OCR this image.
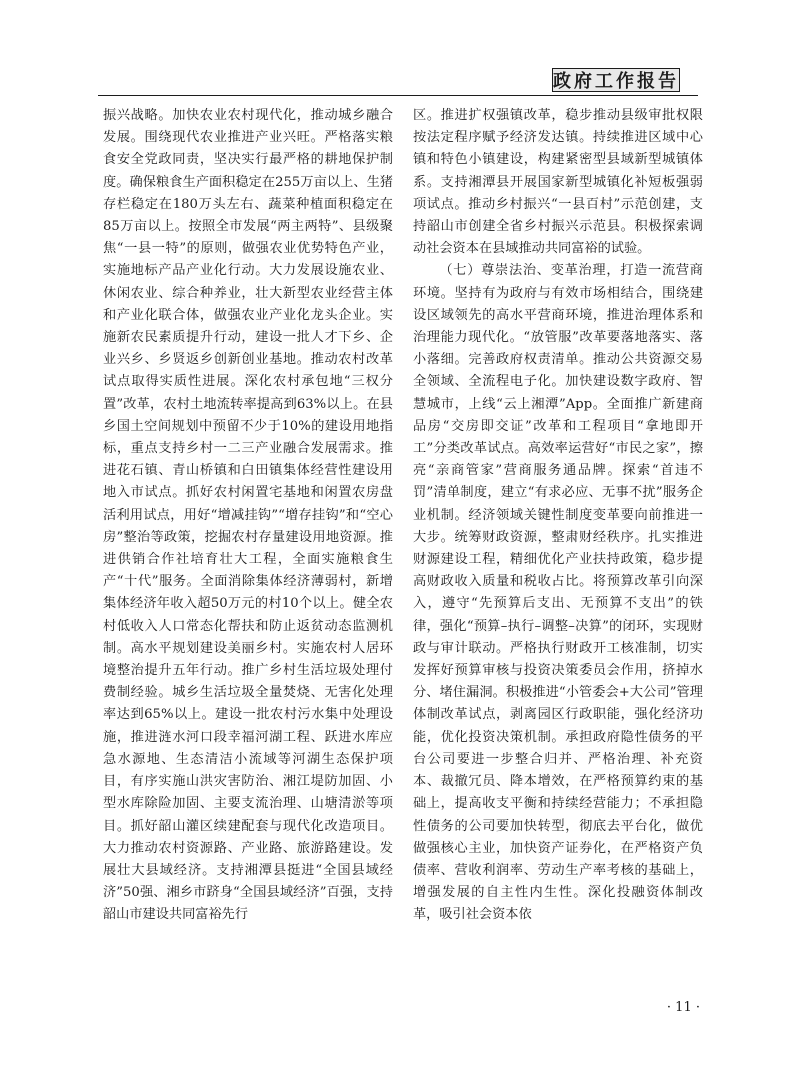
政府工作报告

振兴战略。加快农业农村现代化，推动城乡融合发展。围绕现代农业推进产业兴旺。严格落实粮食安全党政同责，坚决实行最严格的耕地保护制度。确保粮食生产面积稳定在255万亩以上、生猪存栏稳定在180万头左右、蔬菜种植面积稳定在85万亩以上。按照全市发展“两主两特”、县级聚焦“一县一特”的原则，做强农业优势特色产业，实施地标产品产业化行动。大力发展设施农业、休闲农业、综合种养业，壮大新型农业经营主体和产业化联合体，做强农业产业化龙头企业。实施新农民素质提升行动，建设一批人才下乡、企业兴乡、乡贤返乡创新创业基地。推动农村改革试点取得实质性进展。深化农村承包地“三权分置”改革，农村土地流转率提高到63%以上。在县乡国土空间规划中预留不少于10%的建设用地指标，重点支持乡村一二三产业融合发展需求。推进花石镇、青山桥镇和白田镇集体经营性建设用地入市试点。抓好农村闲置宅基地和闲置农房盘活利用试点，用好“增减挂钩”“增存挂钩”和“空心房”整治等政策，挖掘农村存量建设用地资源。推进供销合作社培育壮大工程，全面实施粮食生产“十代”服务。全面消除集体经济薄弱村，新增集体经济年收入超50万元的村10个以上。健全农村低收入人口常态化帮扶和防止返贫动态监测机制。高水平规划建设美丽乡村。实施农村人居环境整治提升五年行动。推广乡村生活垃圾处理付费制经验。城乡生活垃圾全量焚烧、无害化处理率达到65%以上。建设一批农村污水集中处理设施，推进涟水河口段幸福河湖工程、跃进水库应急水源地、生态清洁小流域等河湖生态保护项目，有序实施山洪灾害防治、湘江堤防加固、小型水库除险加固、主要支流治理、山塘清淤等项目。抓好韶山灌区续建配套与现代化改造项目。大力推动农村资源路、产业路、旅游路建设。发展壮大县域经济。支持湘潭县挺进“全国县域经济”50强、湘乡市跻身“全国县域经济”百强，支持韶山市建设共同富裕先行

区。推进扩权强镇改革，稳步推动县级审批权限按法定程序赋予经济发达镇。持续推进区域中心镇和特色小镇建设，构建紧密型县域新型城镇体系。支持湘潭县开展国家新型城镇化补短板强弱项试点。推动乡村振兴“一县百村”示范创建，支持韶山市创建全省乡村振兴示范县。积极探索调动社会资本在县域推动共同富裕的试验。

（七）尊崇法治、变革治理，打造一流营商环境。坚持有为政府与有效市场相结合，围绕建设区域领先的高水平营商环境，推进治理体系和治理能力现代化。“放管服”改革要落地落实、落小落细。完善政府权责清单。推动公共资源交易全领域、全流程电子化。加快建设数字政府、智慧城市，上线“云上湘潭”App。全面推广新建商品房“交房即交证”改革和工程项目“拿地即开工”分类改革试点。高效率运营好“市民之家”，擦亮“亲商管家”营商服务通品牌。探索“首违不罚”清单制度，建立“有求必应、无事不扰”服务企业机制。经济领域关键性制度变革要向前推进一大步。统筹财政资源，整肃财经秩序。扎实推进财源建设工程，精细优化产业扶持政策，稳步提高财政收入质量和税收占比。将预算改革引向深入，遵守“先预算后支出、无预算不支出”的铁律，强化“预算–执行–调整–决算”的闭环，实现财政与审计联动。严格执行财政开工核准制，切实发挥好预算审核与投资决策委员会作用，挤掉水分、堵住漏洞。积极推进“小管委会+大公司”管理体制改革试点，剥离园区行政职能，强化经济功能，优化投资决策机制。承担政府隐性债务的平台公司要进一步整合归并、严格治理、补充资本、裁撤冗员、降本增效，在严格预算约束的基础上，提高收支平衡和持续经营能力；不承担隐性债务的公司要加快转型，彻底去平台化，做优做强核心主业，加快资产证券化，在严格资产负债率、营收利润率、劳动生产率考核的基础上，增强发展的自主性内生性。深化投融资体制改革，吸引社会资本依

· 11 ·
